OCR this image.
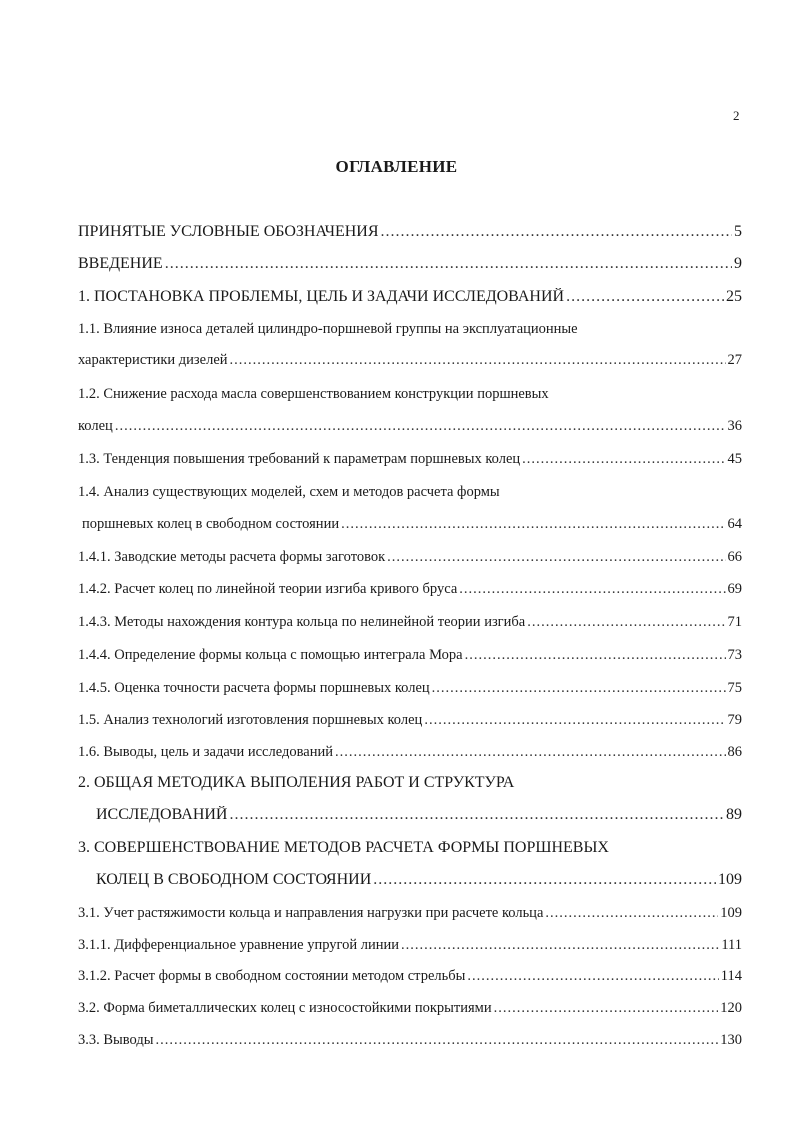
2
ОГЛАВЛЕНИЕ
ПРИНЯТЫЕ УСЛОВНЫЕ ОБОЗНАЧЕНИЯ .....	5
ВВЕДЕНИЕ .....	9
1. ПОСТАНОВКА ПРОБЛЕМЫ, ЦЕЛЬ И ЗАДАЧИ ИССЛЕДОВАНИЙ .....	25
1.1. Влияние износа деталей цилиндро-поршневой группы на эксплуатационные
характеристики дизелей .....	27
1.2. Снижение расхода масла совершенствованием конструкции поршневых
колец .....	36
1.3. Тенденция повышения требований к параметрам поршневых колец .....	45
1.4. Анализ существующих моделей, схем и методов расчета формы
поршневых колец в свободном состоянии .....	64
1.4.1. Заводские методы расчета формы заготовок .....	66
1.4.2. Расчет колец по линейной теории изгиба кривого бруса .....	69
1.4.3. Методы нахождения контура кольца по нелинейной теории изгиба .....	71
1.4.4. Определение формы кольца с помощью интеграла Мора .....	73
1.4.5. Оценка точности расчета формы поршневых колец .....	75
1.5. Анализ технологий изготовления поршневых колец .....	79
1.6. Выводы, цель и задачи исследований .....	86
2. ОБЩАЯ МЕТОДИКА ВЫПОЛЕНИЯ РАБОТ И СТРУКТУРА
ИССЛЕДОВАНИЙ .....	89
3. СОВЕРШЕНСТВОВАНИЕ МЕТОДОВ РАСЧЕТА ФОРМЫ ПОРШНЕВЫХ
КОЛЕЦ В СВОБОДНОМ СОСТОЯНИИ .....	109
3.1. Учет растяжимости кольца и направления нагрузки при расчете кольца .....	109
3.1.1. Дифференциальное уравнение упругой линии .....	111
3.1.2. Расчет формы в свободном состоянии методом стрельбы .....	114
3.2. Форма биметаллических колец с износостойкими покрытиями .....	120
3.3. Выводы .....	130
